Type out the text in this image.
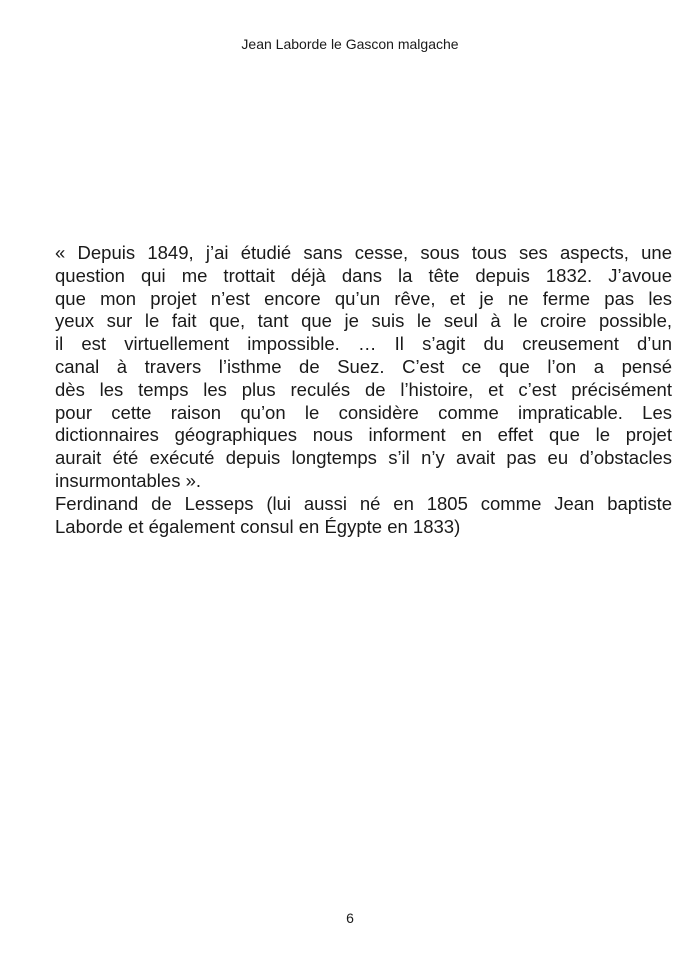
Jean Laborde le Gascon malgache
« Depuis 1849, j’ai étudié sans cesse, sous tous ses aspects, une
question qui me trottait déjà dans la tête depuis 1832. J’avoue
que mon projet n’est encore qu’un rêve, et je ne ferme pas les
yeux sur le fait que, tant que je suis le seul à le croire possible,
il est virtuellement impossible. … Il s’agit du creusement d’un
canal à travers l’isthme de Suez. C’est ce que l’on a pensé
dès les temps les plus reculés de l’histoire, et c’est précisément
pour cette raison qu’on le considère comme impraticable. Les
dictionnaires géographiques nous informent en effet que le projet
aurait été exécuté depuis longtemps s’il n’y avait pas eu d’obstacles
insurmontables ».
Ferdinand de Lesseps (lui aussi né en 1805 comme Jean baptiste
Laborde et également consul en Égypte en 1833)
6
